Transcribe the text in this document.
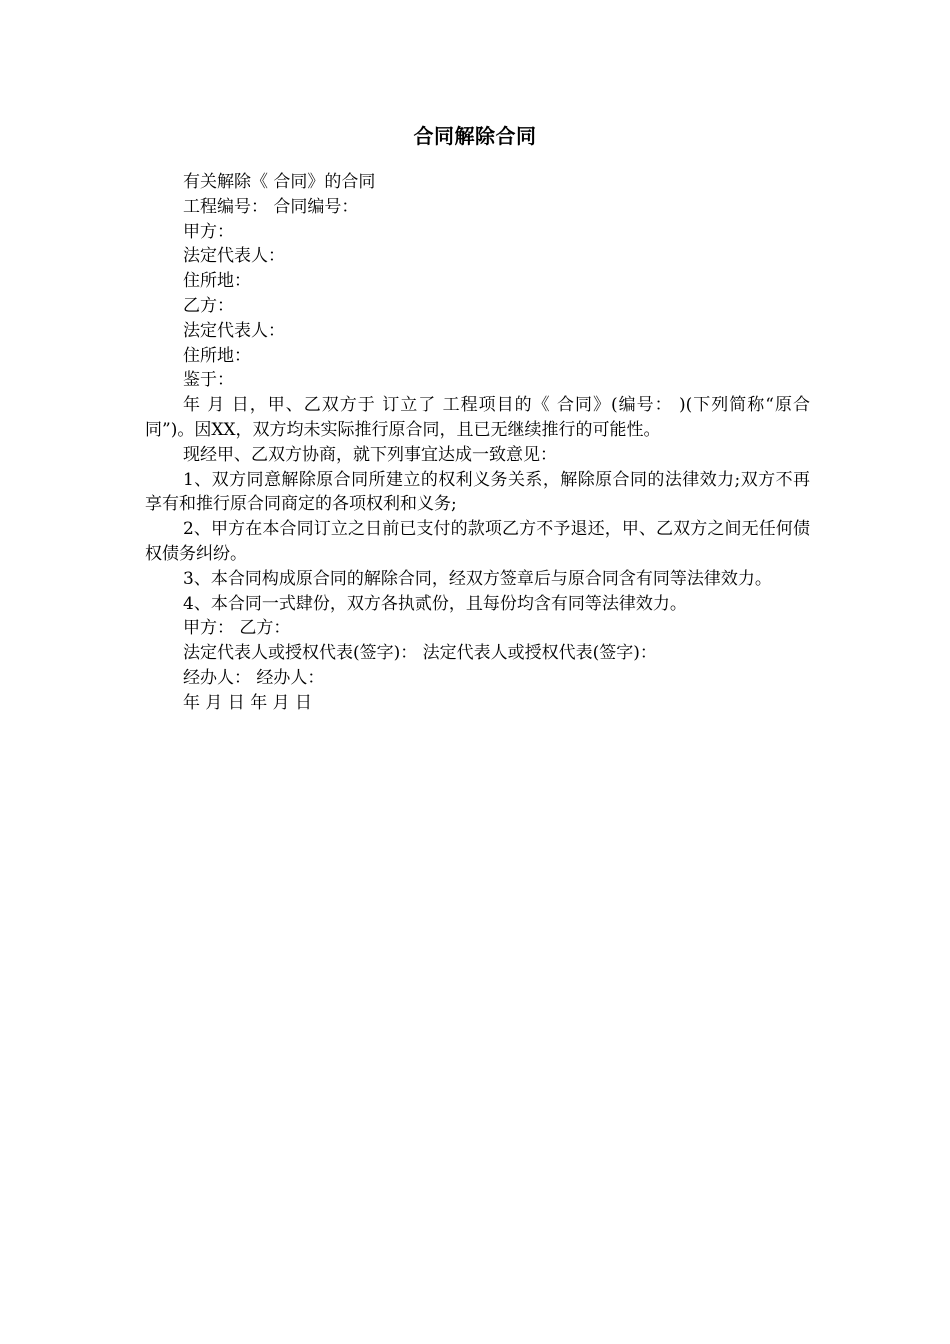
合同解除合同

有关解除《 合同》的合同

工程编号： 合同编号：

甲方：

法定代表人：

住所地：

乙方：

法定代表人：

住所地：

鉴于：

年 月 日，甲、乙双方于 订立了 工程项目的《 合同》(编号： )(下列简称“原合同”)。因XX，双方均未实际推行原合同，且已无继续推行的可能性。

现经甲、乙双方协商，就下列事宜达成一致意见：

1、双方同意解除原合同所建立的权利义务关系，解除原合同的法律效力;双方不再享有和推行原合同商定的各项权利和义务;

2、甲方在本合同订立之日前已支付的款项乙方不予退还，甲、乙双方之间无任何债权债务纠纷。

3、本合同构成原合同的解除合同，经双方签章后与原合同含有同等法律效力。

4、本合同一式肆份，双方各执贰份，且每份均含有同等法律效力。

甲方： 乙方：

法定代表人或授权代表(签字)： 法定代表人或授权代表(签字)：

经办人： 经办人：

年 月 日 年 月 日
